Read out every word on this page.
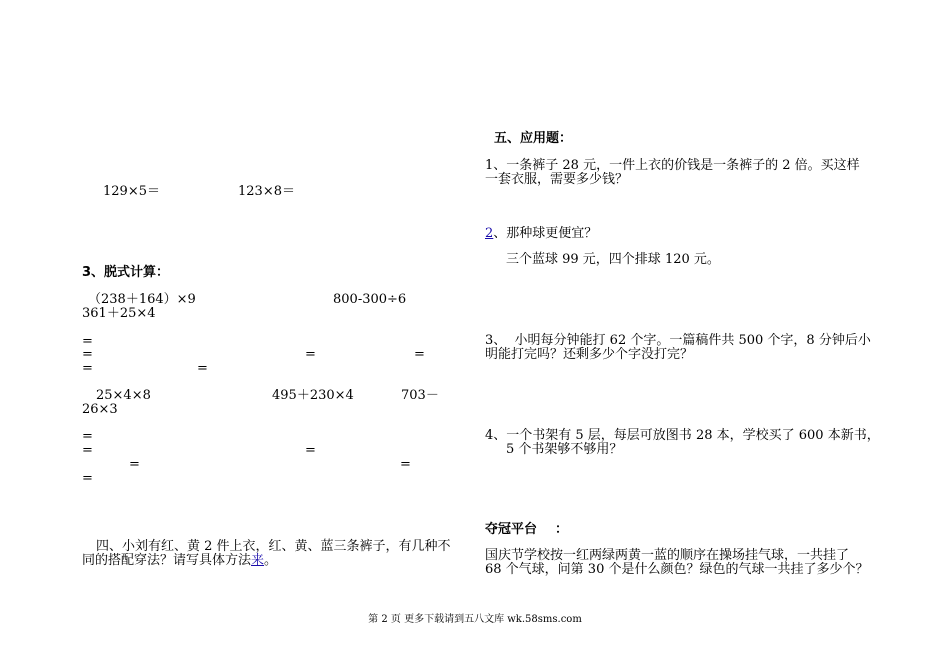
129×5＝	123×8＝
3、脱式计算：
（238＋164）×9	800-300÷6
361＋25×4
=
=	=	=
=	=
25×4×8	495＋230×4	703－
26×3
=
=	=
=	=
=
四、小刘有红、黄 2 件上衣，红、黄、蓝三条裤子，有几种不
同的搭配穿法？请写具体方法来。
五、应用题：
1、一条裤子 28 元，一件上衣的价钱是一条裤子的 2 倍。买这样
一套衣服，需要多少钱？
2、那种球更便宜？
三个蓝球 99 元，四个排球 120 元。
3、  小明每分钟能打 62 个字。一篇稿件共 500 个字，8 分钟后小
明能打完吗？还剩多少个字没打完？
4、一个书架有 5 层，每层可放图书 28 本，学校买了 600 本新书，
5 个书架够不够用？
夺冠平台 ：
国庆节学校按一红两绿两黄一蓝的顺序在操场挂气球，一共挂了
68 个气球，问第 30 个是什么颜色？绿色的气球一共挂了多少个？
第 2 页 更多下载请到五八文库 wk.58sms.com
